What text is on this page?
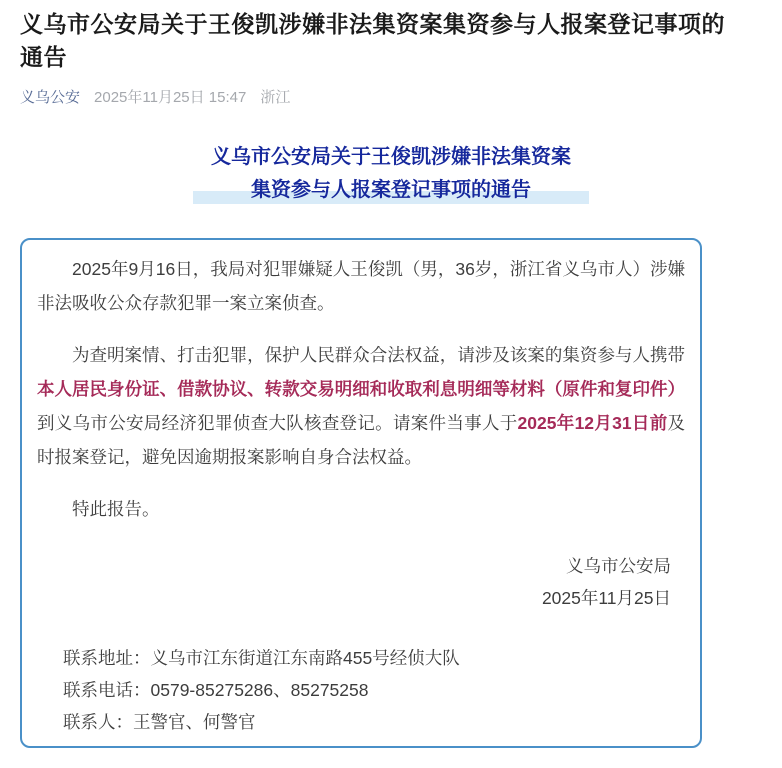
义乌市公安局关于王俊凯涉嫌非法集资案集资参与人报案登记事项的通告
义乌公安 2025年11月25日 15:47 浙江
义乌市公安局关于王俊凯涉嫌非法集资案
集资参与人报案登记事项的通告

2025年9月16日，我局对犯罪嫌疑人王俊凯（男，36岁，浙江省义乌市人）涉嫌非法吸收公众存款犯罪一案立案侦查。

为查明案情、打击犯罪，保护人民群众合法权益，请涉及该案的集资参与人携带本人居民身份证、借款协议、转款交易明细和收取利息明细等材料（原件和复印件）到义乌市公安局经济犯罪侦查大队核查登记。请案件当事人于2025年12月31日前及时报案登记，避免因逾期报案影响自身合法权益。

特此报告。

义乌市公安局
2025年11月25日
联系地址：义乌市江东街道江东南路455号经侦大队
联系电话：0579-85275286、85275258
联系人：王警官、何警官
